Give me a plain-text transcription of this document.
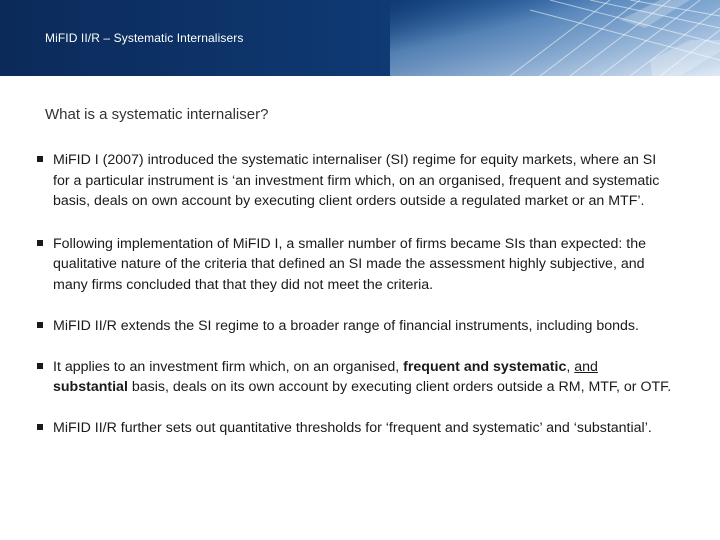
MiFID II/R – Systematic Internalisers
What is a systematic internaliser?
MiFID I (2007) introduced the systematic internaliser (SI) regime for equity markets, where an SI for a particular instrument is ‘an investment firm which, on an organised, frequent and systematic basis, deals on own account by executing client orders outside a regulated market or an MTF’.
Following implementation of MiFID I, a smaller number of firms became SIs than expected: the qualitative nature of the criteria that defined an SI made the assessment highly subjective, and many firms concluded that that they did not meet the criteria.
MiFID II/R extends the SI regime to a broader range of financial instruments, including bonds.
It applies to an investment firm which, on an organised, frequent and systematic, and substantial basis, deals on its own account by executing client orders outside a RM, MTF, or OTF.
MiFID II/R further sets out quantitative thresholds for ‘frequent and systematic’ and ‘substantial’.
